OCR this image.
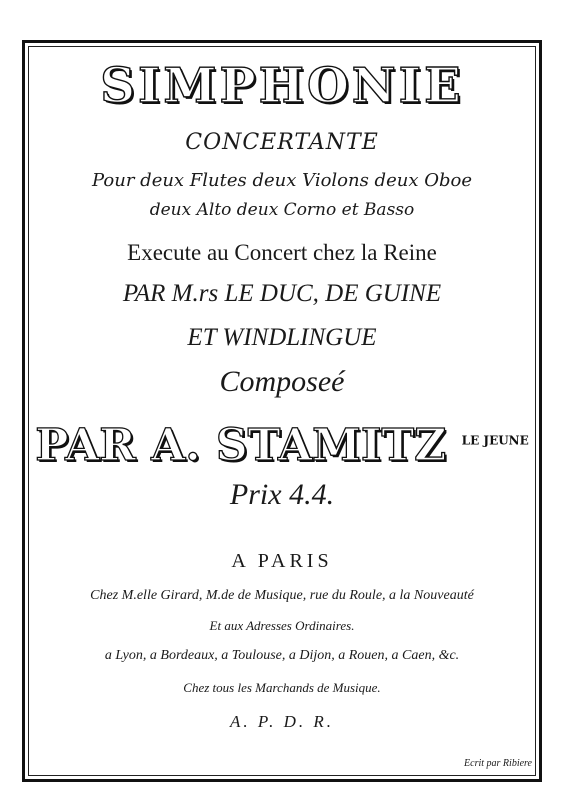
SIMPHONIE
CONCERTANTE
Pour deux Flutes deux Violons deux Oboe
deux Alto deux Corno et Basso
Execute au Concert chez la Reine
PAR M.rs LE DUC, DE GUINE
ET WINDLINGUE
Composeé
PAR A. STAMITZ $^{LE JEUNE}$
Prix 4.4.
A PARIS
Chez M.elle Girard, M.de de Musique, rue du Roule, a la Nouveauté
Et aux Adresses Ordinaires.
a Lyon, a Bordeaux, a Toulouse, a Dijon, a Rouen, a Caen, &c.
Chez tous les Marchands de Musique.
A. P. D. R.
Ecrit par Ribiere
